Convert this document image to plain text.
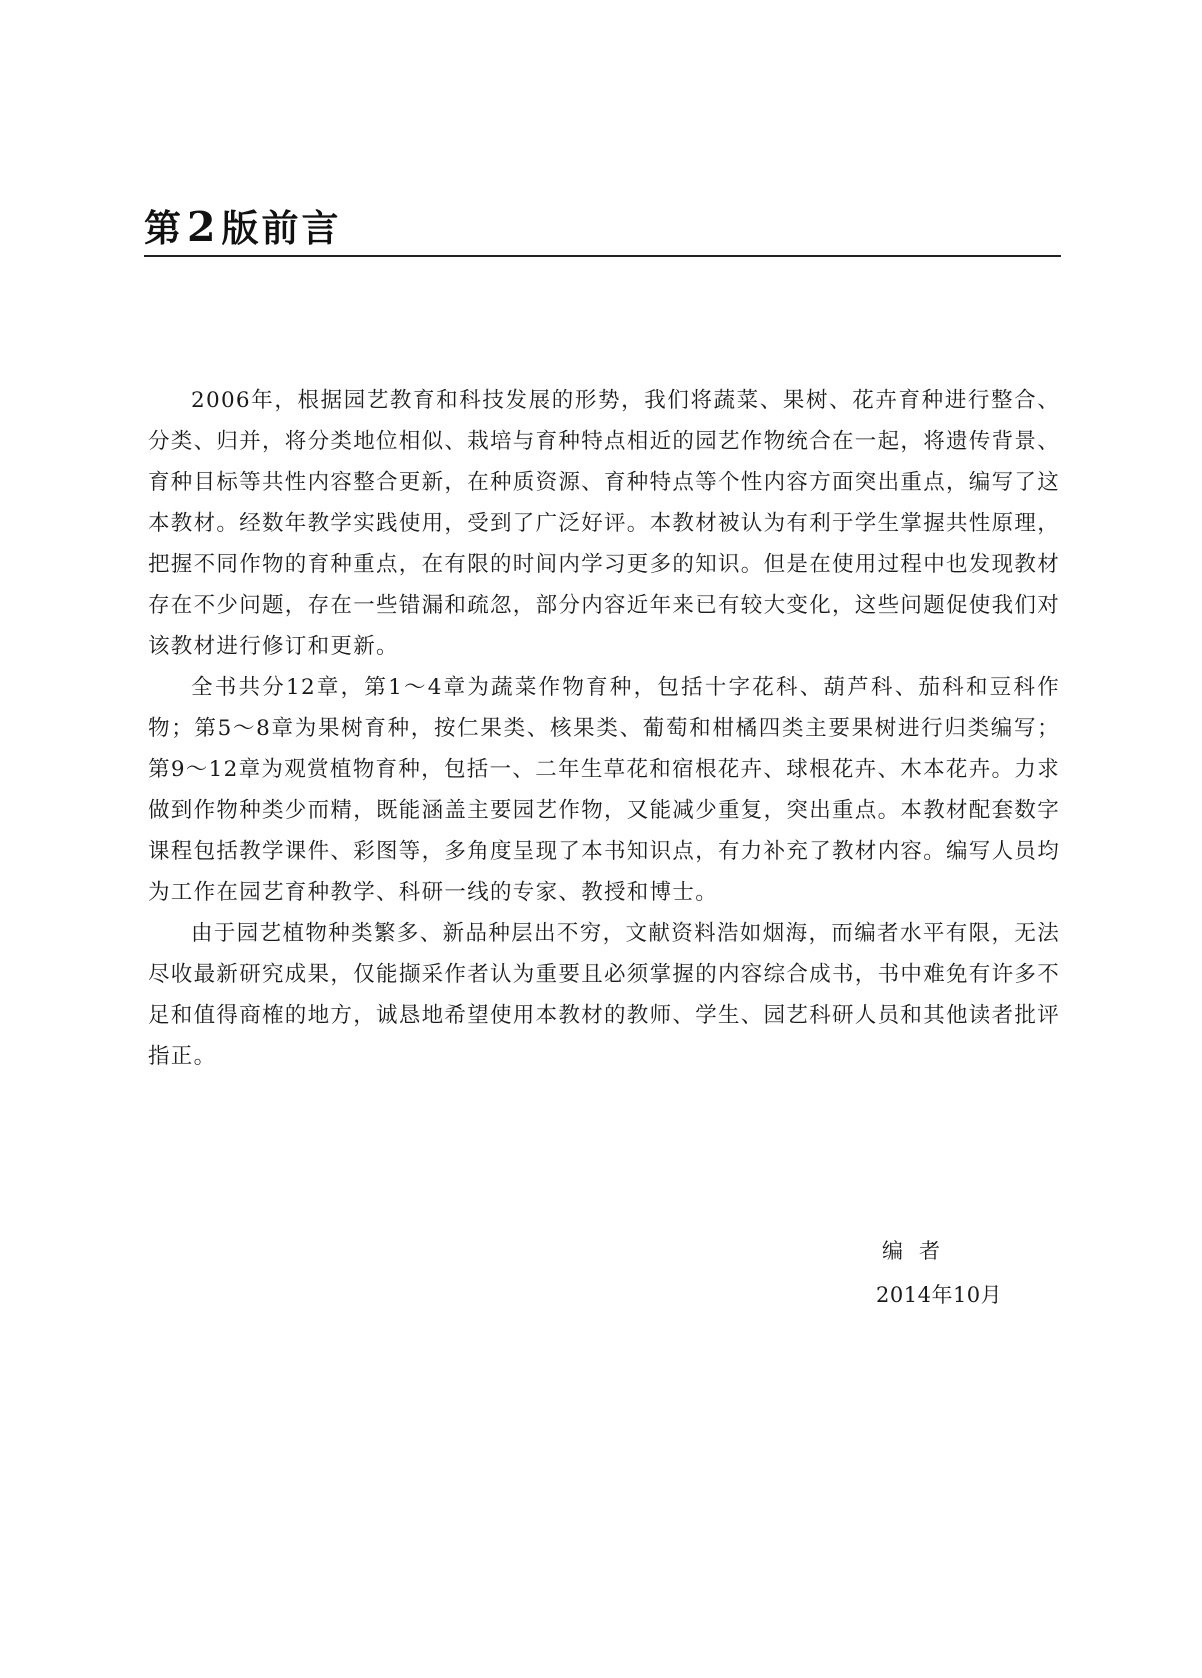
第2版前言

2006年，根据园艺教育和科技发展的形势，我们将蔬菜、果树、花卉育种进行整合、分类、归并，将分类地位相似、栽培与育种特点相近的园艺作物统合在一起，将遗传背景、育种目标等共性内容整合更新，在种质资源、育种特点等个性内容方面突出重点，编写了这本教材。经数年教学实践使用，受到了广泛好评。本教材被认为有利于学生掌握共性原理，把握不同作物的育种重点，在有限的时间内学习更多的知识。但是在使用过程中也发现教材存在不少问题，存在一些错漏和疏忽，部分内容近年来已有较大变化，这些问题促使我们对该教材进行修订和更新。

全书共分12章，第1～4章为蔬菜作物育种，包括十字花科、葫芦科、茄科和豆科作物；第5～8章为果树育种，按仁果类、核果类、葡萄和柑橘四类主要果树进行归类编写；第9～12章为观赏植物育种，包括一、二年生草花和宿根花卉、球根花卉、木本花卉。力求做到作物种类少而精，既能涵盖主要园艺作物，又能减少重复，突出重点。本教材配套数字课程包括教学课件、彩图等，多角度呈现了本书知识点，有力补充了教材内容。编写人员均为工作在园艺育种教学、科研一线的专家、教授和博士。

由于园艺植物种类繁多、新品种层出不穷，文献资料浩如烟海，而编者水平有限，无法尽收最新研究成果，仅能撷采作者认为重要且必须掌握的内容综合成书，书中难免有许多不足和值得商榷的地方，诚恳地希望使用本教材的教师、学生、园艺科研人员和其他读者批评指正。

编者
2014年10月
